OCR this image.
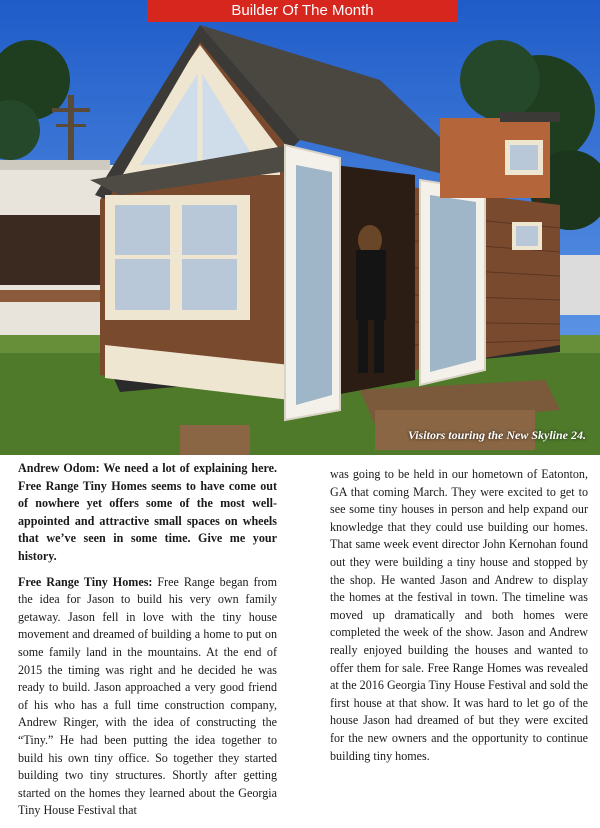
Builder Of The Month
Visitors touring the New Skyline 24.

Andrew Odom: We need a lot of explaining here. Free Range Tiny Homes seems to have come out of nowhere yet offers some of the most well-appointed and attractive small spaces on wheels that we’ve seen in some time. Give me your history.

Free Range Tiny Homes: Free Range began from the idea for Jason to build his very own family getaway. Jason fell in love with the tiny house movement and dreamed of building a home to put on some family land in the mountains. At the end of 2015 the timing was right and he decided he was ready to build. Jason approached a very good friend of his who has a full time construction company, Andrew Ringer, with the idea of constructing the “Tiny.” He had been putting the idea together to build his own tiny office. So together they started building two tiny structures. Shortly after getting started on the homes they learned about the Georgia Tiny House Festival that

was going to be held in our hometown of Eatonton, GA that coming March. They were excited to get to see some tiny houses in person and help expand our knowledge that they could use building our homes. That same week event director John Kernohan found out they were building a tiny house and stopped by the shop. He wanted Jason and Andrew to display the homes at the festival in town. The timeline was moved up dramatically and both homes were completed the week of the show. Jason and Andrew really enjoyed building the houses and wanted to offer them for sale. Free Range Homes was revealed at the 2016 Georgia Tiny House Festival and sold the first house at that show. It was hard to let go of the house Jason had dreamed of but they were excited for the new owners and the opportunity to continue building tiny homes.
